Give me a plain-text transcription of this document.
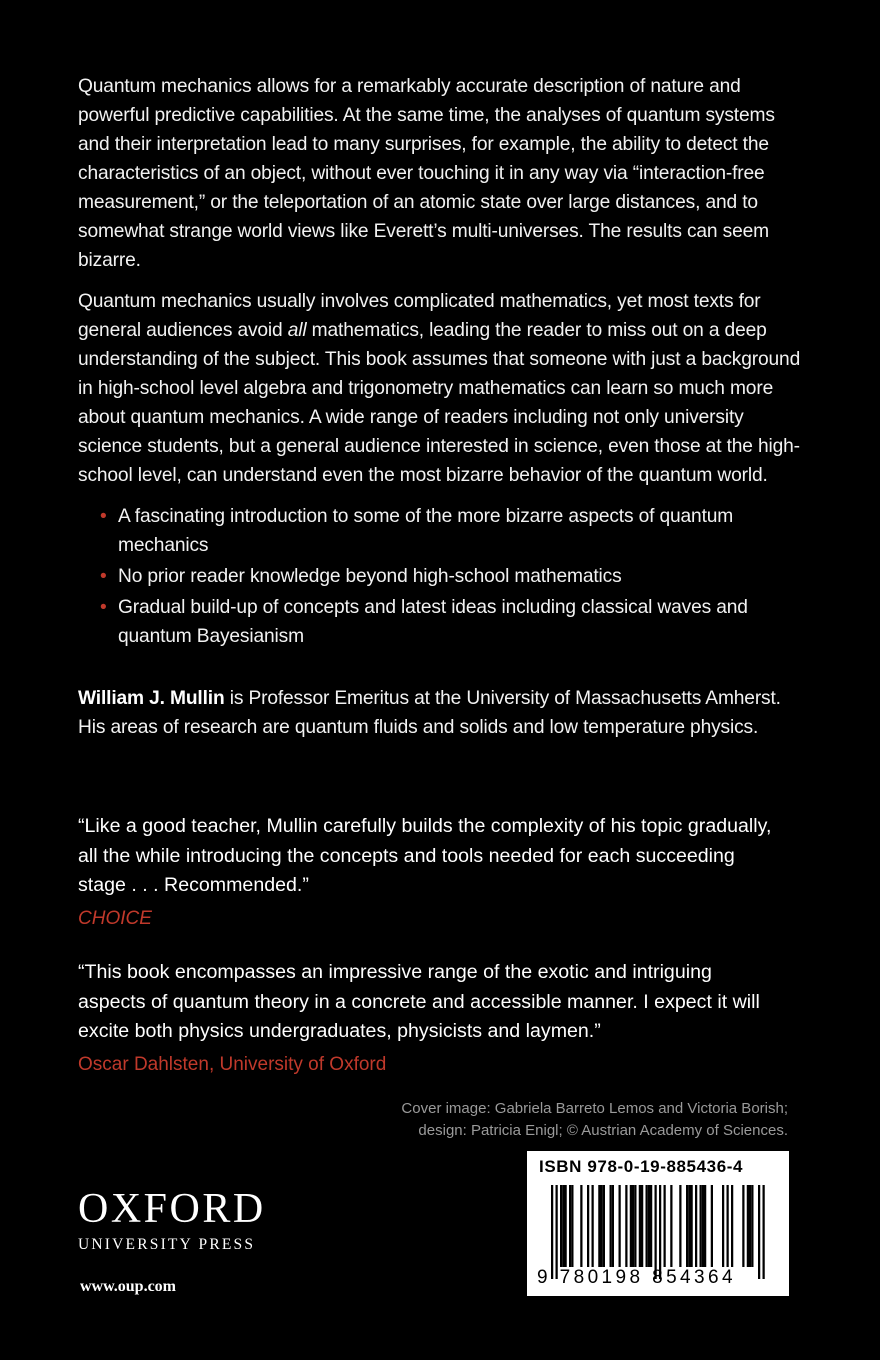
Quantum mechanics allows for a remarkably accurate description of nature and powerful predictive capabilities. At the same time, the analyses of quantum systems and their interpretation lead to many surprises, for example, the ability to detect the characteristics of an object, without ever touching it in any way via “interaction-free measurement,” or the teleportation of an atomic state over large distances, and to somewhat strange world views like Everett’s multi-universes. The results can seem bizarre.

Quantum mechanics usually involves complicated mathematics, yet most texts for general audiences avoid all mathematics, leading the reader to miss out on a deep understanding of the subject. This book assumes that someone with just a background in high-school level algebra and trigonometry mathematics can learn so much more about quantum mechanics. A wide range of readers including not only university science students, but a general audience interested in science, even those at the high-school level, can understand even the most bizarre behavior of the quantum world.

• A fascinating introduction to some of the more bizarre aspects of quantum mechanics
• No prior reader knowledge beyond high-school mathematics
• Gradual build-up of concepts and latest ideas including classical waves and quantum Bayesianism
William J. Mullin is Professor Emeritus at the University of Massachusetts Amherst. His areas of research are quantum fluids and solids and low temperature physics.
“Like a good teacher, Mullin carefully builds the complexity of his topic gradually, all the while introducing the concepts and tools needed for each succeeding stage . . . Recommended.”
CHOICE
“This book encompasses an impressive range of the exotic and intriguing aspects of quantum theory in a concrete and accessible manner. I expect it will excite both physics undergraduates, physicists and laymen.”
Oscar Dahlsten, University of Oxford
Cover image: Gabriela Barreto Lemos and Victoria Borish;
design: Patricia Enigl; © Austrian Academy of Sciences.
OXFORD
UNIVERSITY PRESS
www.oup.com
ISBN 978-0-19-885436-4
9 780198 854364
